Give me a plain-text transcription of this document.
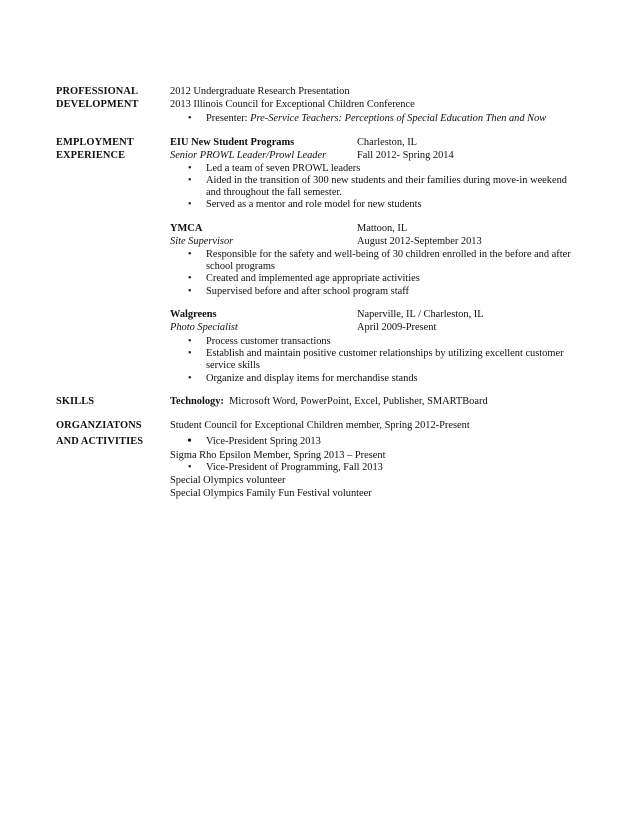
PROFESSIONAL
DEVELOPMENT
2012 Undergraduate Research Presentation
2013 Illinois Council for Exceptional Children Conference
• Presenter: Pre-Service Teachers: Perceptions of Special Education Then and Now
EMPLOYMENT
EXPERIENCE
EIU New Student Programs	Charleston, IL
Senior PROWL Leader/Prowl Leader	Fall 2012- Spring 2014
• Led a team of seven PROWL leaders
• Aided in the transition of 300 new students and their families during move-in weekend
and throughout the fall semester.
• Served as a mentor and role model for new students
YMCA	Mattoon, IL
Site Supervisor	August 2012-September 2013
• Responsible for the safety and well-being of 30 children enrolled in the before and after
school programs
• Created and implemented age appropriate activities
• Supervised before and after school program staff
Walgreens	Naperville, IL / Charleston, IL
Photo Specialist	April 2009-Present
• Process customer transactions
• Establish and maintain positive customer relationships by utilizing excellent customer
service skills
• Organize and display items for merchandise stands
SKILLS	Technology: Microsoft Word, PowerPoint, Excel, Publisher, SMARTBoard
ORGANZIATONS
AND ACTIVITIES
Student Council for Exceptional Children member, Spring 2012-Present
• Vice-President Spring 2013
Sigma Rho Epsilon Member, Spring 2013 – Present
• Vice-President of Programming, Fall 2013
Special Olympics volunteer
Special Olympics Family Fun Festival volunteer
